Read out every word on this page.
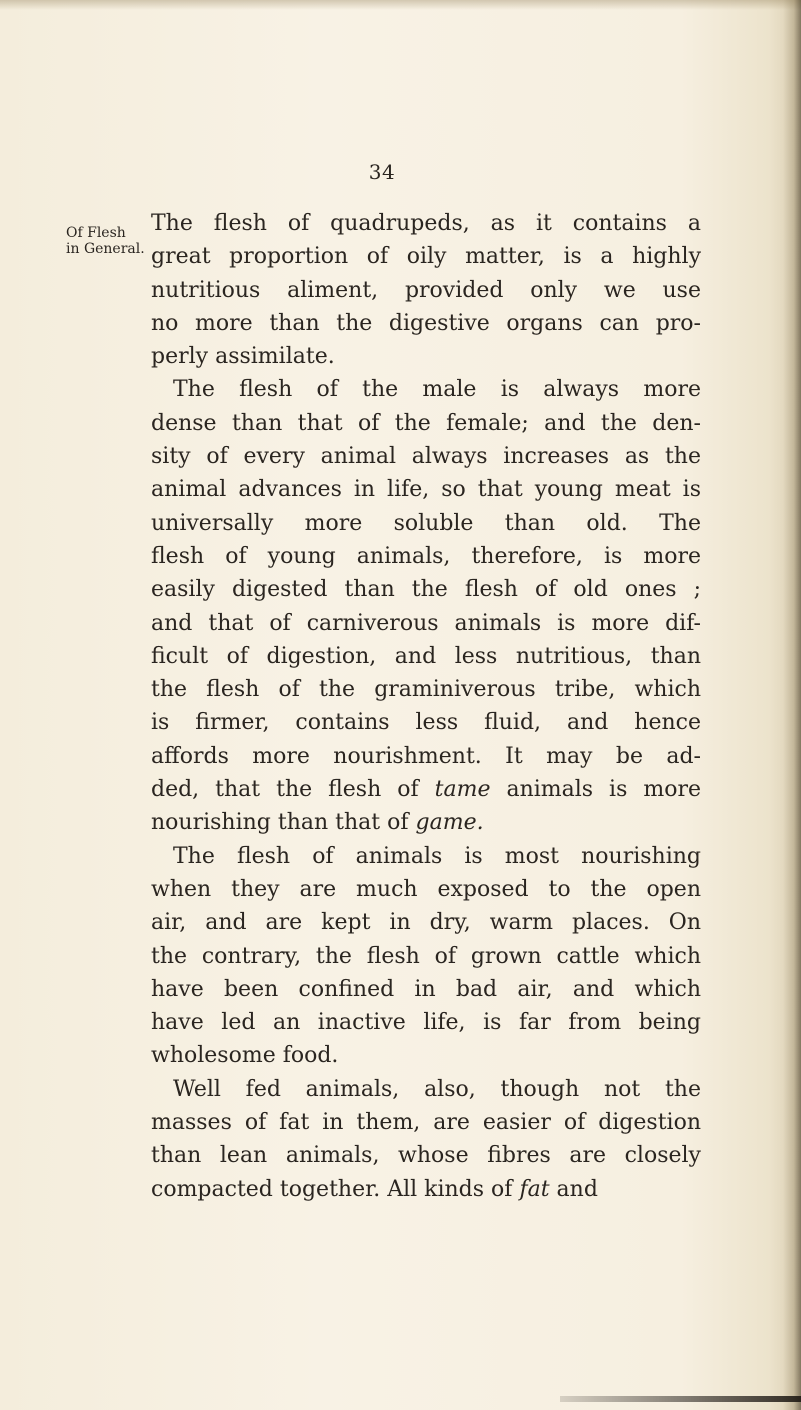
34
Of Flesh
in General.
The flesh of quadrupeds, as it contains a
great proportion of oily matter, is a highly
nutritious aliment, provided only we use
no more than the digestive organs can pro-
perly assimilate.
The flesh of the male is always more
dense than that of the female; and the den-
sity of every animal always increases as the
animal advances in life, so that young meat is
universally more soluble than old. The
flesh of young animals, therefore, is more
easily digested than the flesh of old ones ;
and that of carniverous animals is more dif-
ficult of digestion, and less nutritious, than
the flesh of the graminiverous tribe, which
is firmer, contains less fluid, and hence
affords more nourishment. It may be ad-
ded, that the flesh of tame animals is more
nourishing than that of game.
The flesh of animals is most nourishing
when they are much exposed to the open
air, and are kept in dry, warm places. On
the contrary, the flesh of grown cattle which
have been confined in bad air, and which
have led an inactive life, is far from being
wholesome food.
Well fed animals, also, though not the
masses of fat in them, are easier of digestion
than lean animals, whose fibres are closely
compacted together. All kinds of fat and
